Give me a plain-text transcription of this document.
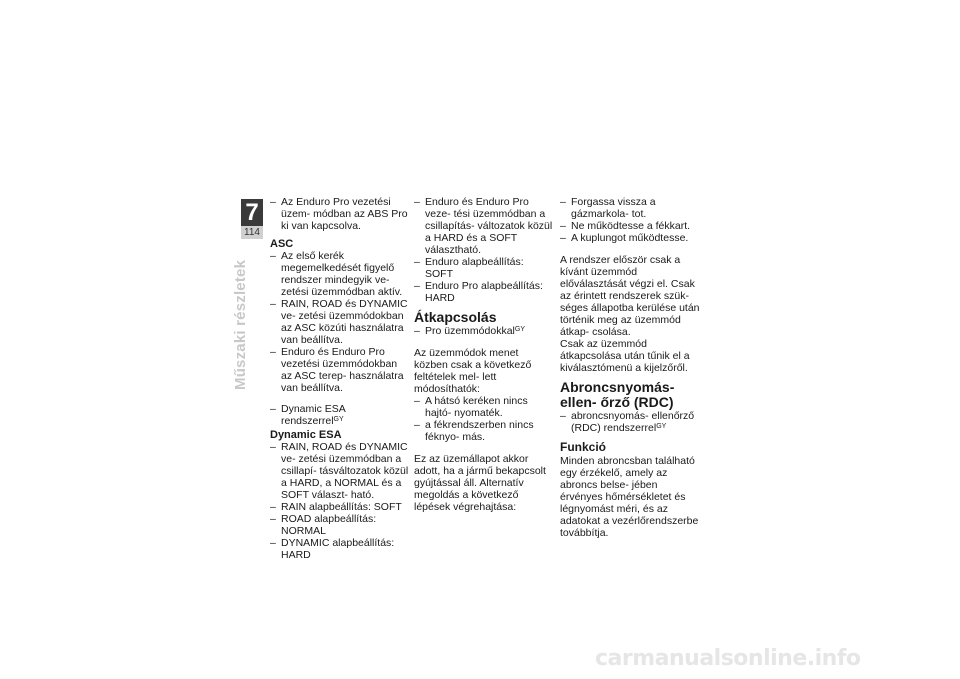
7
114
Műszaki részletek
– Az Enduro Pro vezetési üzem- módban az ABS Pro ki van kapcsolva.
ASC
– Az első kerék megemelkedését figyelő rendszer mindegyik ve- zetési üzemmódban aktív.
– RAIN, ROAD és DYNAMIC ve- zetési üzemmódokban az ASC közúti használatra van beállítva.
– Enduro és Enduro Pro vezetési üzemmódokban az ASC terep- használatra van beállítva.
– Dynamic ESA rendszerrel$^{GY}$
Dynamic ESA
– RAIN, ROAD és DYNAMIC ve- zetési üzemmódban a csillapí- tásváltozatok közül a HARD, a NORMAL és a SOFT választ- ható.
– RAIN alapbeállítás: SOFT
– ROAD alapbeállítás: NORMAL
– DYNAMIC alapbeállítás: HARD
– Enduro és Enduro Pro veze- tési üzemmódban a csillapítás- változatok közül a HARD és a SOFT választható.
– Enduro alapbeállítás: SOFT
– Enduro Pro alapbeállítás: HARD
Átkapcsolás
– Pro üzemmódokkal$^{GY}$
Az üzemmódok menet közben csak a következő feltételek mel- lett módosíthatók:
– A hátsó keréken nincs hajtó- nyomaték.
– a fékrendszerben nincs féknyo- más.
Ez az üzemállapot akkor adott, ha a jármű bekapcsolt gyújtással áll. Alternatív megoldás a következő lépések végrehajtása:
– Forgassa vissza a gázmarkola- tot.
– Ne működtesse a fékkart.
– A kuplungot működtesse.
A rendszer először csak a kívánt üzemmód előválasztását végzi el. Csak az érintett rendszerek szük- séges állapotba kerülése után történik meg az üzemmód átkap- csolása.
Csak az üzemmód átkapcsolása után tűnik el a kiválasztómenü a kijelzőről.
Abroncsnyomás-ellen- őrző (RDC)
– abroncsnyomás- ellenőrző (RDC) rendszerrel$^{GY}$
Funkció
Minden abroncsban található egy érzékelő, amely az abroncs belse- jében érvényes hőmérsékletet és légnyomást méri, és az adatokat a vezérlőrendszerbe továbbítja.
carmanualsonline.info
